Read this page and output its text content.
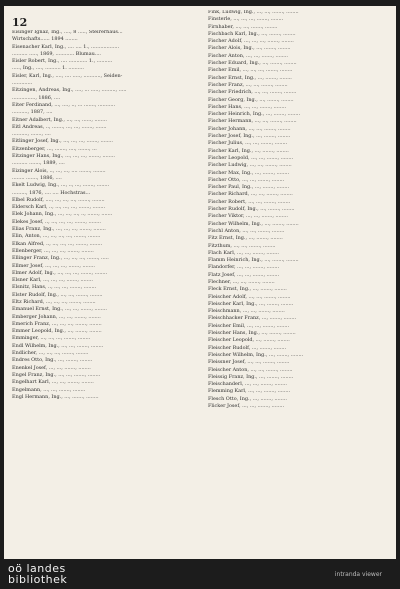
12

Eisinger Ignaz, Ing., ...., 8 ....., Steirerhaus...

Wirtschafts...... 1894 ........

Eisenacher Karl, Ing., .... .... 1., ..................

.......... ....., 1869, ............ Blumau....

Eisler Robert, Ing., .... ............ 1., ..........

....., Ing., ...., .......... 1. ..........

Eisler, Karl, Ing., ...., .... ....., ..........., Seiden-

.............

Eitzingen, Andreas, Ing., ...., ... ....., ........., .....

..............., 1886, ....

Eiter Ferdinand, ..., ...., .., ... ......., ...........

.........., 1887, ....

Eitner Adalbert, Ing., ..., ..., ......, ........

Eitl Andreas, .., ......., ..., ..., ......., .......

.........., ......., ....

Eitlinger Josef, Ing., ..., ..., ..., ......., ........

Eitzenberger, ..., ......., ...., ......., ...

Eitzinger Hans, Ing., ..., ..., ..., ......., ........

.......... ......., 1889, ....

Eizinger Alois, .., ..., ..., .... ......., ........

........ ......., 1886, ....

Ekelt Ludwig, Ing., ..., .., ..., ......., ........

........., 1876, .... .... Hochstras...

Elbel Rudolf, ...., ..., ..., ..., ......., ........

Eldersch Karl, .., ..., ..., ..., ......., ........

Elek Johann, Ing., ..., ..., ..., .., ......., .......

Elekes Josef, .., ..., ..., ..., ......., ........

Elias Franz, Ing., ..., ..., ..., ......., ........

Elin, Anton, ..., ..., ..., ..., ......., ........

Elkan Alfred, .., ..., ..., ..., ......., ........

Ellenberger, ..., ..., ..., ......., ........

Ellinger Franz, Ing., ..., ..., ..., ......., .....

Ellmer Josef, ..., ..., ..., ......., ........

Elmer Adolf, Ing., ..., ..., ..., ......., ........

Elsner Karl, ..., ..., ..., ......., ........

Elsnitz, Hans, .., ..., ..., ......., ........

Elster Rudolf, Ing., ..., ..., ......., ........

Eltz Richard, ..., ..., ..., ......., ........

Emanuel Ernst, Ing., ..., ..., ......., ........

Emberger Johann, ..., ..., ......., ........

Emerich Franz, ..., ..., ..., ......., ........

Emmer Leopold, Ing., ..., ......., ........

Emminger, ..., ..., ..., ......., ........

Endl Wilhelm, Ing., ..., ..., ......., ........

Endlicher, ..., ..., ..., ......., ........

Endres Otto, Ing., ..., ......., ........

Enenkel Josef, ..., ..., ......., ........

Engel Franz, Ing., ..., ..., ......., ........

Engelhart Karl, ..., ..., ......., ........

Engelmann, ..., ..., ......., ........

Engl Hermann, Ing., ..., ......., ........

Fink, Ludwig, Ing., ..., ..., ......., ........

Finsterle, ..., ..., ..., ......., ........

Firnhaber, ..., ..., ......., ........

Fischbach Karl, Ing., ..., ......., ........

Fischer Adolf, ..., ..., ..., ......., ........

Fischer Alois, Ing., ..., ......., ........

Fischer Anton, ..., ..., ......., ........

Fischer Eduard, Ing., ..., ......., ........

Fischer Emil, ..., ..., ..., ......., ........

Fischer Ernst, Ing., ..., ......., ........

Fischer Franz, ..., ..., ......., ........

Fischer Friedrich, ..., ..., ......., ........

Fischer Georg, Ing., ..., ......., ........

Fischer Hans, ..., ..., ......., ........

Fischer Heinrich, Ing., ..., ......., ........

Fischer Hermann, ..., ..., ......., ........

Fischer Johann, ..., ..., ......., ........

Fischer Josef, Ing., ..., ......., ........

Fischer Julius, ..., ..., ......., ........

Fischer Karl, Ing., ..., ......., ........

Fischer Leopold, ..., ..., ......., ........

Fischer Ludwig, ..., ..., ......., ........

Fischer Max, Ing., ..., ......., ........

Fischer Otto, ..., ..., ......., ........

Fischer Paul, Ing., ..., ......., ........

Fischer Richard, ..., ..., ......., ........

Fischer Robert, ..., ..., ......., ........

Fischer Rudolf, Ing., ..., ......., ........

Fischer Viktor, ..., ..., ......., ........

Fischer Wilhelm, Ing., ..., ......., ........

Fischl Anton, ..., ..., ......., ........

Fitz Ernst, Ing., ..., ......., ........

Fitzthum, ..., ..., ......., ........

Flach Karl, ..., ..., ......., ........

Flamm Heinrich, Ing., ..., ......., ........

Flandorfer, ..., ..., ......., ........

Flatz Josef, ..., ..., ......., ........

Flechner, ..., ..., ......., ........

Fleck Ernst, Ing., ..., ......., ........

Fleischer Adolf, ..., ..., ......., ........

Fleischer Karl, Ing., ..., ......., ........

Fleischmann, ..., ..., ......., ........

Fleischhacker Franz, ..., ......., ........

Fleischer Emil, ..., ..., ......., ........

Fleischer Hans, Ing., ..., ......., ........

Fleischer Leopold, ..., ......., ........

Fleischer Rudolf, ..., ......., ........

Fleischer Wilhelm, Ing., ..., ......., ........

Fleissner Josef, ..., ..., ......., ........

Fleischer Anton, ..., ..., ......., ........

Fleissig Franz, Ing., ..., ......., ........

Fleischanderl, ..., ..., ......., ........

Flemming Karl, ..., ..., ......., ........

Flesch Otto, Ing., ..., ......., ........

Flicker Josef, ..., ..., ......., ........

oö landes
bibliothek	intranda viewer
